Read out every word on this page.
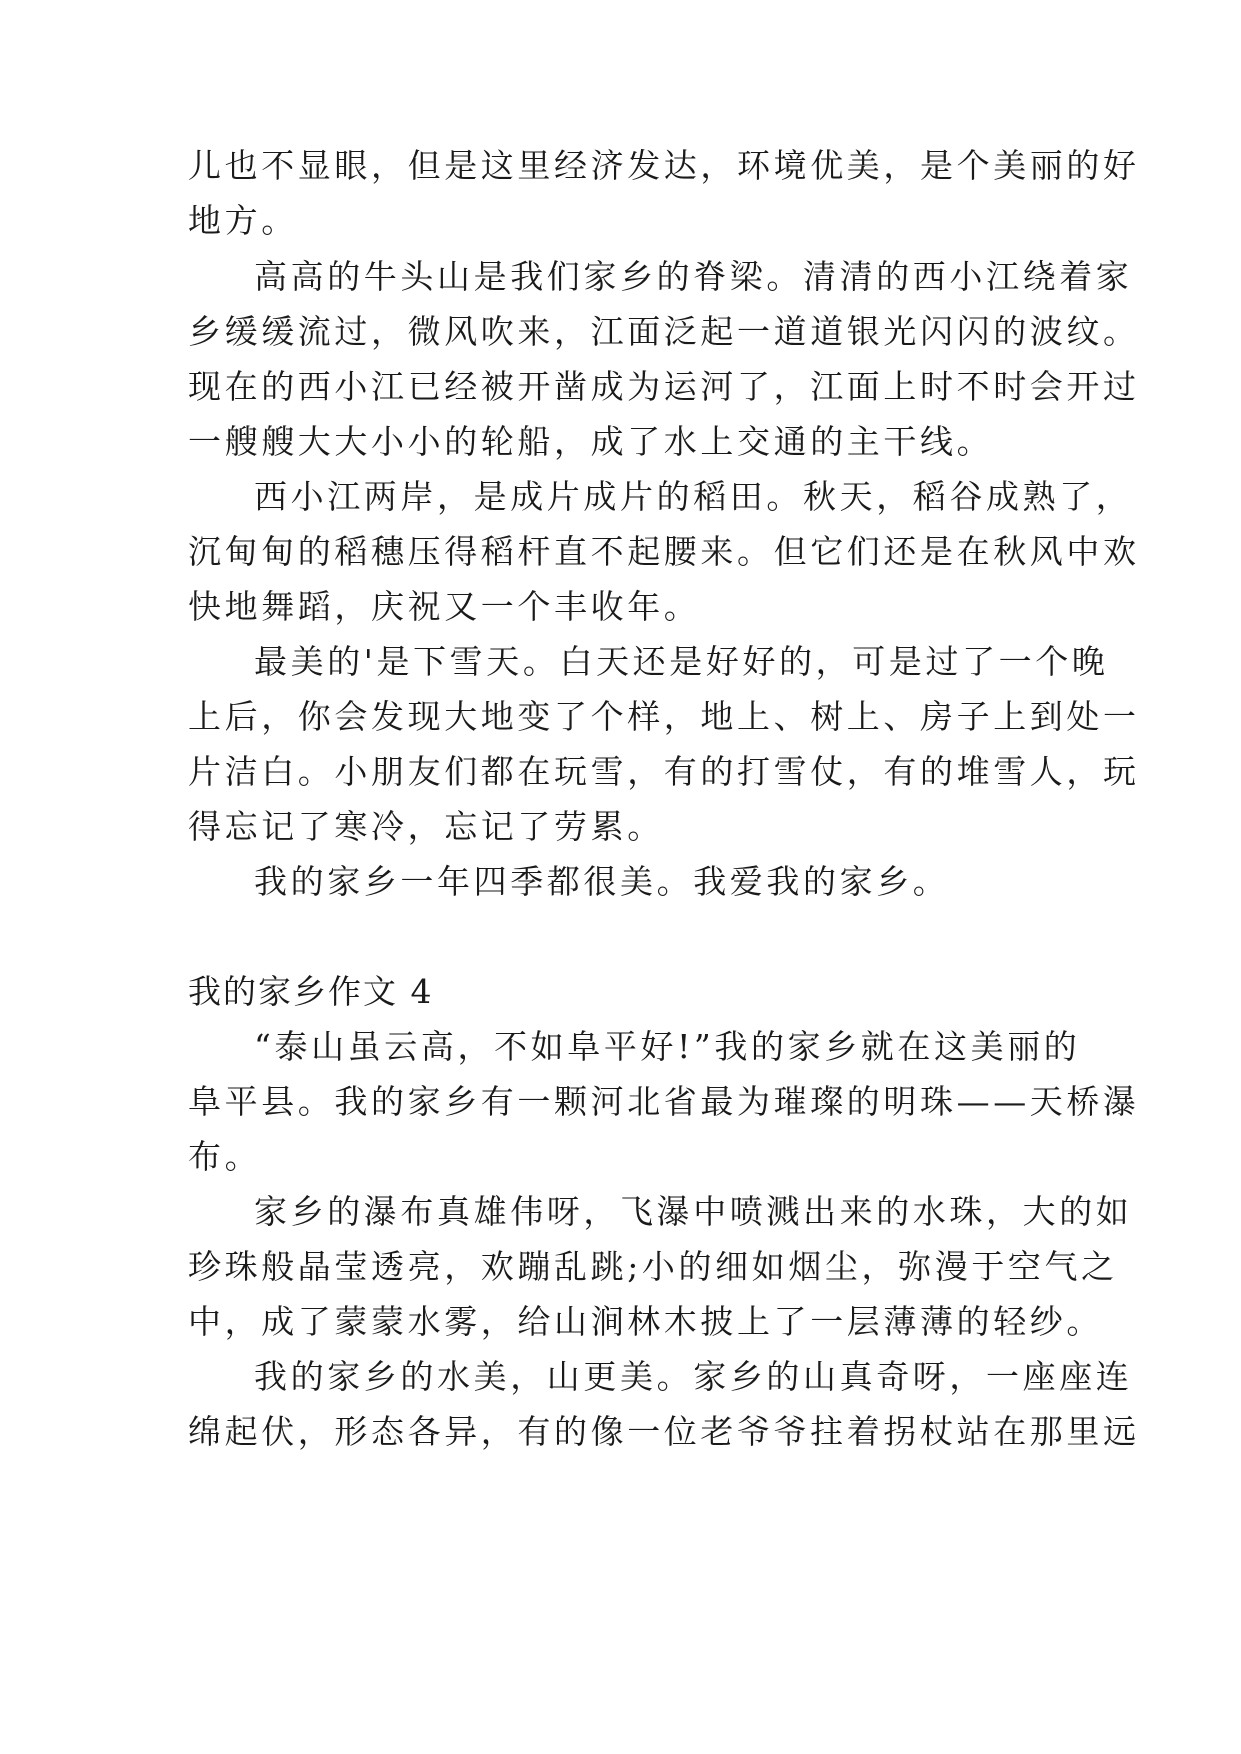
儿也不显眼，但是这里经济发达，环境优美，是个美丽的好
地方。
高高的牛头山是我们家乡的脊梁。清清的西小江绕着家
乡缓缓流过，微风吹来，江面泛起一道道银光闪闪的波纹。
现在的西小江已经被开凿成为运河了，江面上时不时会开过
一艘艘大大小小的轮船，成了水上交通的主干线。
西小江两岸，是成片成片的稻田。秋天，稻谷成熟了，
沉甸甸的稻穗压得稻杆直不起腰来。但它们还是在秋风中欢
快地舞蹈，庆祝又一个丰收年。
最美的'是下雪天。白天还是好好的，可是过了一个晚
上后，你会发现大地变了个样，地上、树上、房子上到处一
片洁白。小朋友们都在玩雪，有的打雪仗，有的堆雪人，玩
得忘记了寒冷，忘记了劳累。
我的家乡一年四季都很美。我爱我的家乡。
我的家乡作文 4
“泰山虽云高，不如阜平好!”我的家乡就在这美丽的
阜平县。我的家乡有一颗河北省最为璀璨的明珠——天桥瀑
布。
家乡的瀑布真雄伟呀，飞瀑中喷溅出来的水珠，大的如
珍珠般晶莹透亮，欢蹦乱跳;小的细如烟尘，弥漫于空气之
中，成了蒙蒙水雾，给山涧林木披上了一层薄薄的轻纱。
我的家乡的水美，山更美。家乡的山真奇呀，一座座连
绵起伏，形态各异，有的像一位老爷爷拄着拐杖站在那里远
